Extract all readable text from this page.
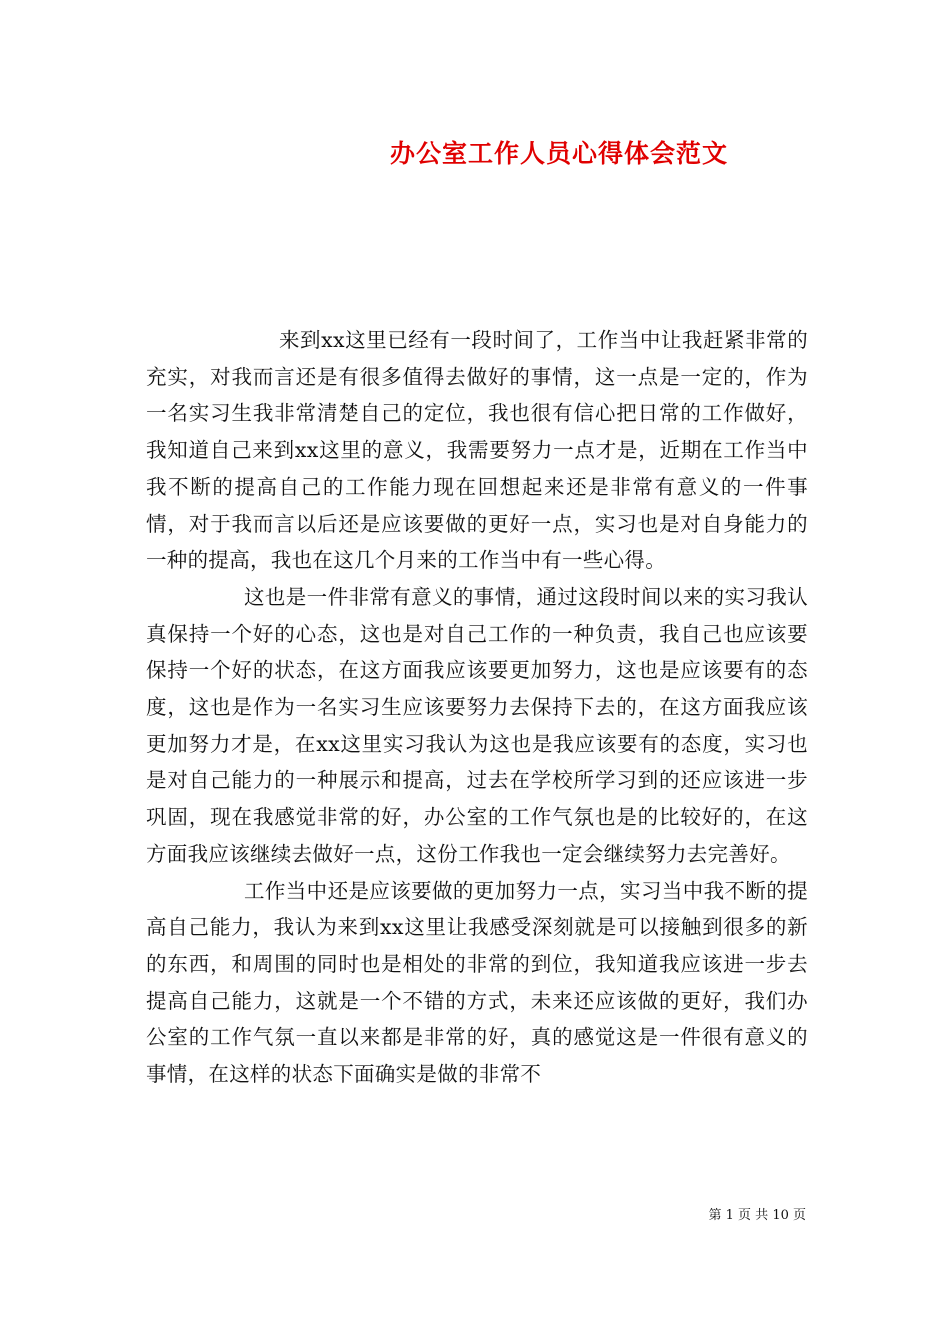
办公室工作人员心得体会范文

来到xx这里已经有一段时间了，工作当中让我赶紧非常的充实，对我而言还是有很多值得去做好的事情，这一点是一定的，作为一名实习生我非常清楚自己的定位，我也很有信心把日常的工作做好，我知道自己来到xx这里的意义，我需要努力一点才是，近期在工作当中我不断的提高自己的工作能力现在回想起来还是非常有意义的一件事情，对于我而言以后还是应该要做的更好一点，实习也是对自身能力的一种的提高，我也在这几个月来的工作当中有一些心得。

这也是一件非常有意义的事情，通过这段时间以来的实习我认真保持一个好的心态，这也是对自己工作的一种负责，我自己也应该要保持一个好的状态，在这方面我应该要更加努力，这也是应该要有的态度，这也是作为一名实习生应该要努力去保持下去的，在这方面我应该更加努力才是，在xx这里实习我认为这也是我应该要有的态度，实习也是对自己能力的一种展示和提高，过去在学校所学习到的还应该进一步巩固，现在我感觉非常的好，办公室的工作气氛也是的比较好的，在这方面我应该继续去做好一点，这份工作我也一定会继续努力去完善好。

工作当中还是应该要做的更加努力一点，实习当中我不断的提高自己能力，我认为来到xx这里让我感受深刻就是可以接触到很多的新的东西，和周围的同时也是相处的非常的到位，我知道我应该进一步去提高自己能力，这就是一个不错的方式，未来还应该做的更好，我们办公室的工作气氛一直以来都是非常的好，真的感觉这是一件很有意义的事情，在这样的状态下面确实是做的非常不

第 1 页 共 10 页
